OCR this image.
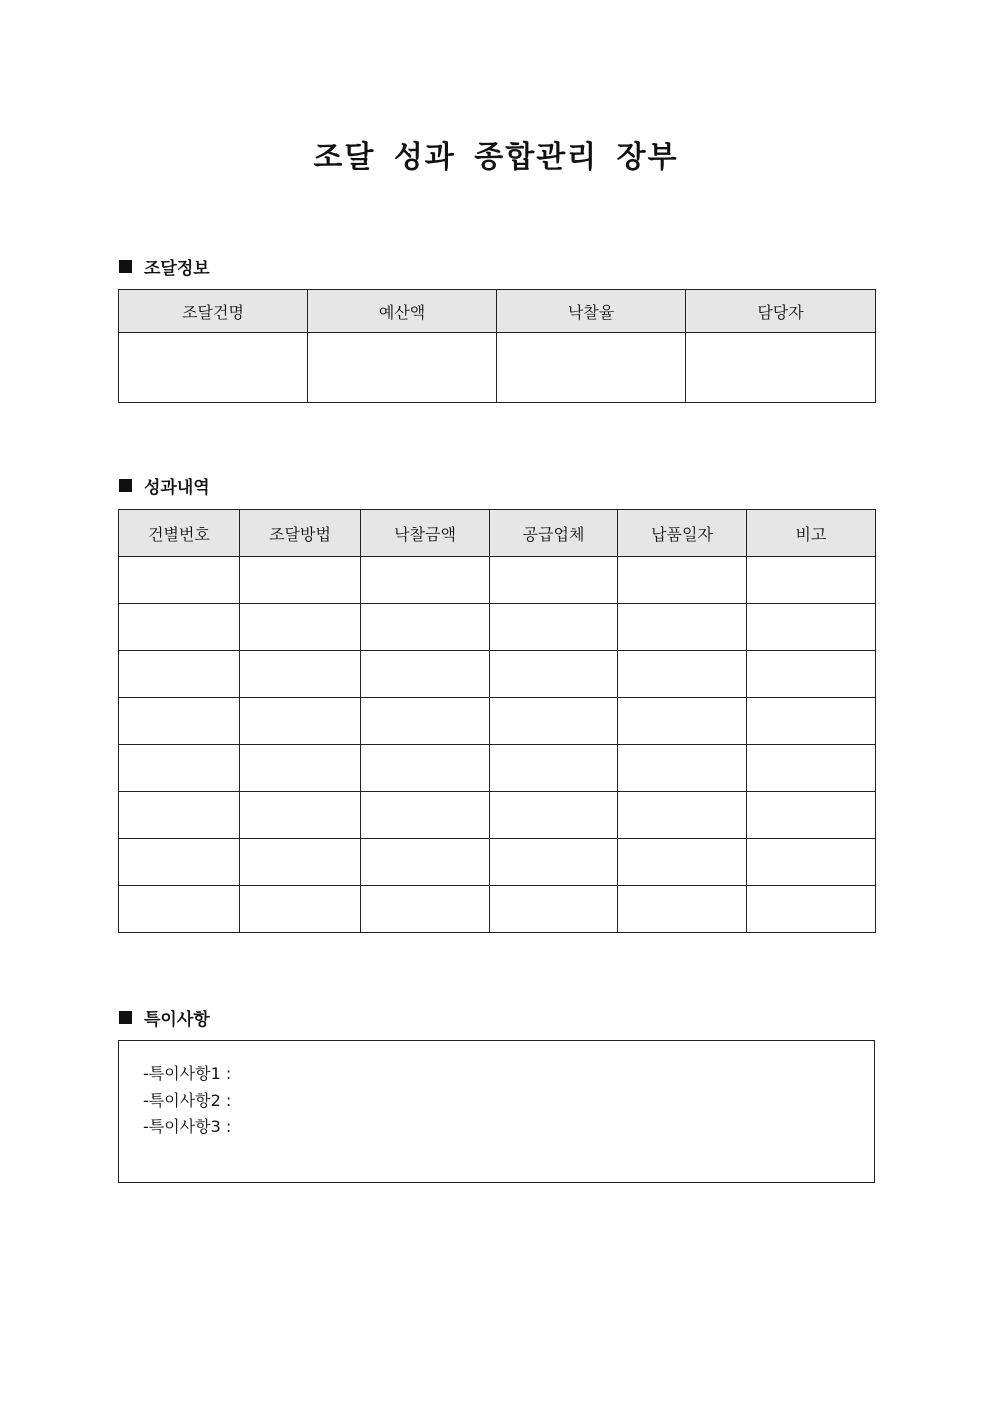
조달 성과 종합관리 장부
조달정보
조달건명	예산액	낙찰율	담당자

성과내역
건별번호	조달방법	낙찰금액	공급업체	납품일자	비고

특이사항
-특이사항1 :
-특이사항2 :
-특이사항3 :
